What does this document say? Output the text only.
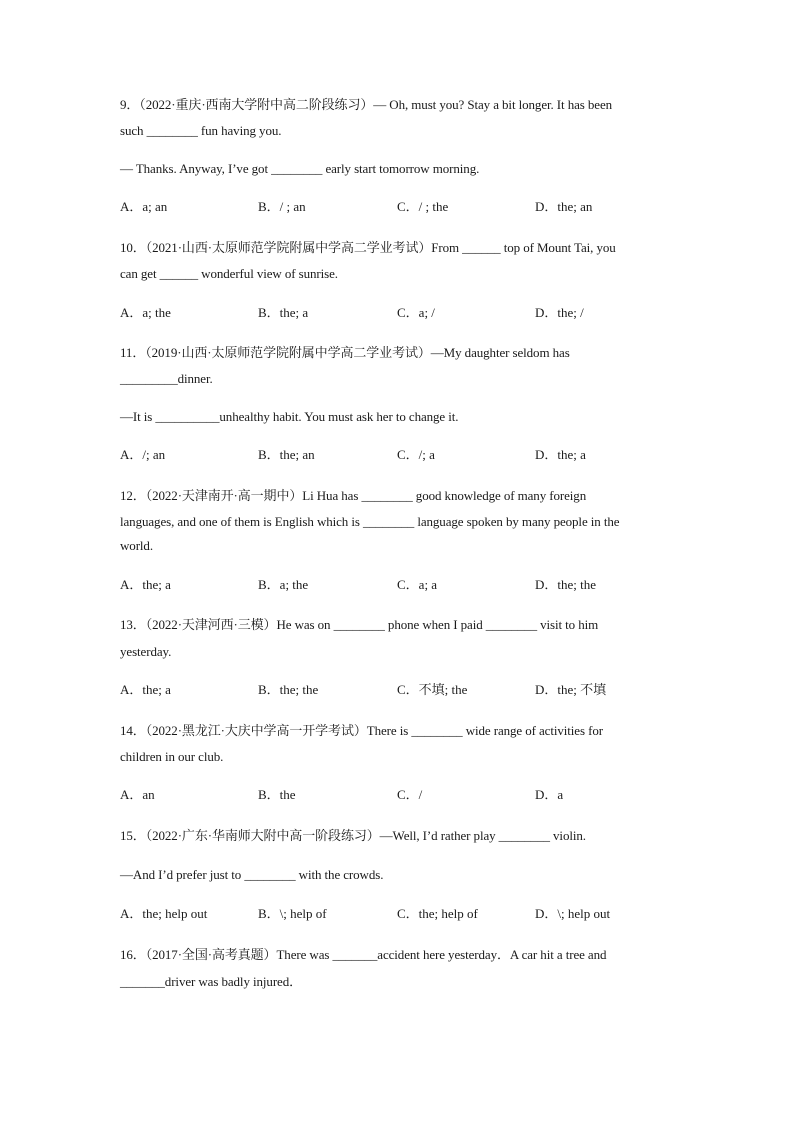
9．（2022·重庆·西南大学附中高二阶段练习）— Oh, must you? Stay a bit longer. It has been
such ________ fun having you.
— Thanks. Anyway, I’ve got ________ early start tomorrow morning.
A．a; an	B．/ ; an	C．/ ; the	D．the; an
10．（2021·山西·太原师范学院附属中学高二学业考试）From ______ top of Mount Tai, you
can get ______ wonderful view of sunrise.
A．a; the	B．the; a	C．a; /	D．the; /
11．（2019·山西·太原师范学院附属中学高二学业考试）—My daughter seldom has
_________dinner.
—It is __________unhealthy habit. You must ask her to change it.
A．/; an	B．the; an	C．/; a	D．the; a
12．（2022·天津南开·高一期中）Li Hua has ________ good knowledge of many foreign
languages, and one of them is English which is ________ language spoken by many people in the
world.
A．the; a	B．a; the	C．a; a	D．the; the
13．（2022·天津河西·三模）He was on ________ phone when I paid ________ visit to him
yesterday.
A．the; a	B．the; the	C．不填; the	D．the; 不填
14．（2022·黑龙江·大庆中学高一开学考试）There is ________ wide range of activities for
children in our club.
A．an	B．the	C．/	D．a
15．（2022·广东·华南师大附中高一阶段练习）—Well, I’d rather play ________ violin.
—And I’d prefer just to ________ with the crowds.
A．the; help out	B．\; help of	C．the; help of	D．\; help out
16．（2017·全国·高考真题）There was _______accident here yesterday．A car hit a tree and
_______driver was badly injured．
